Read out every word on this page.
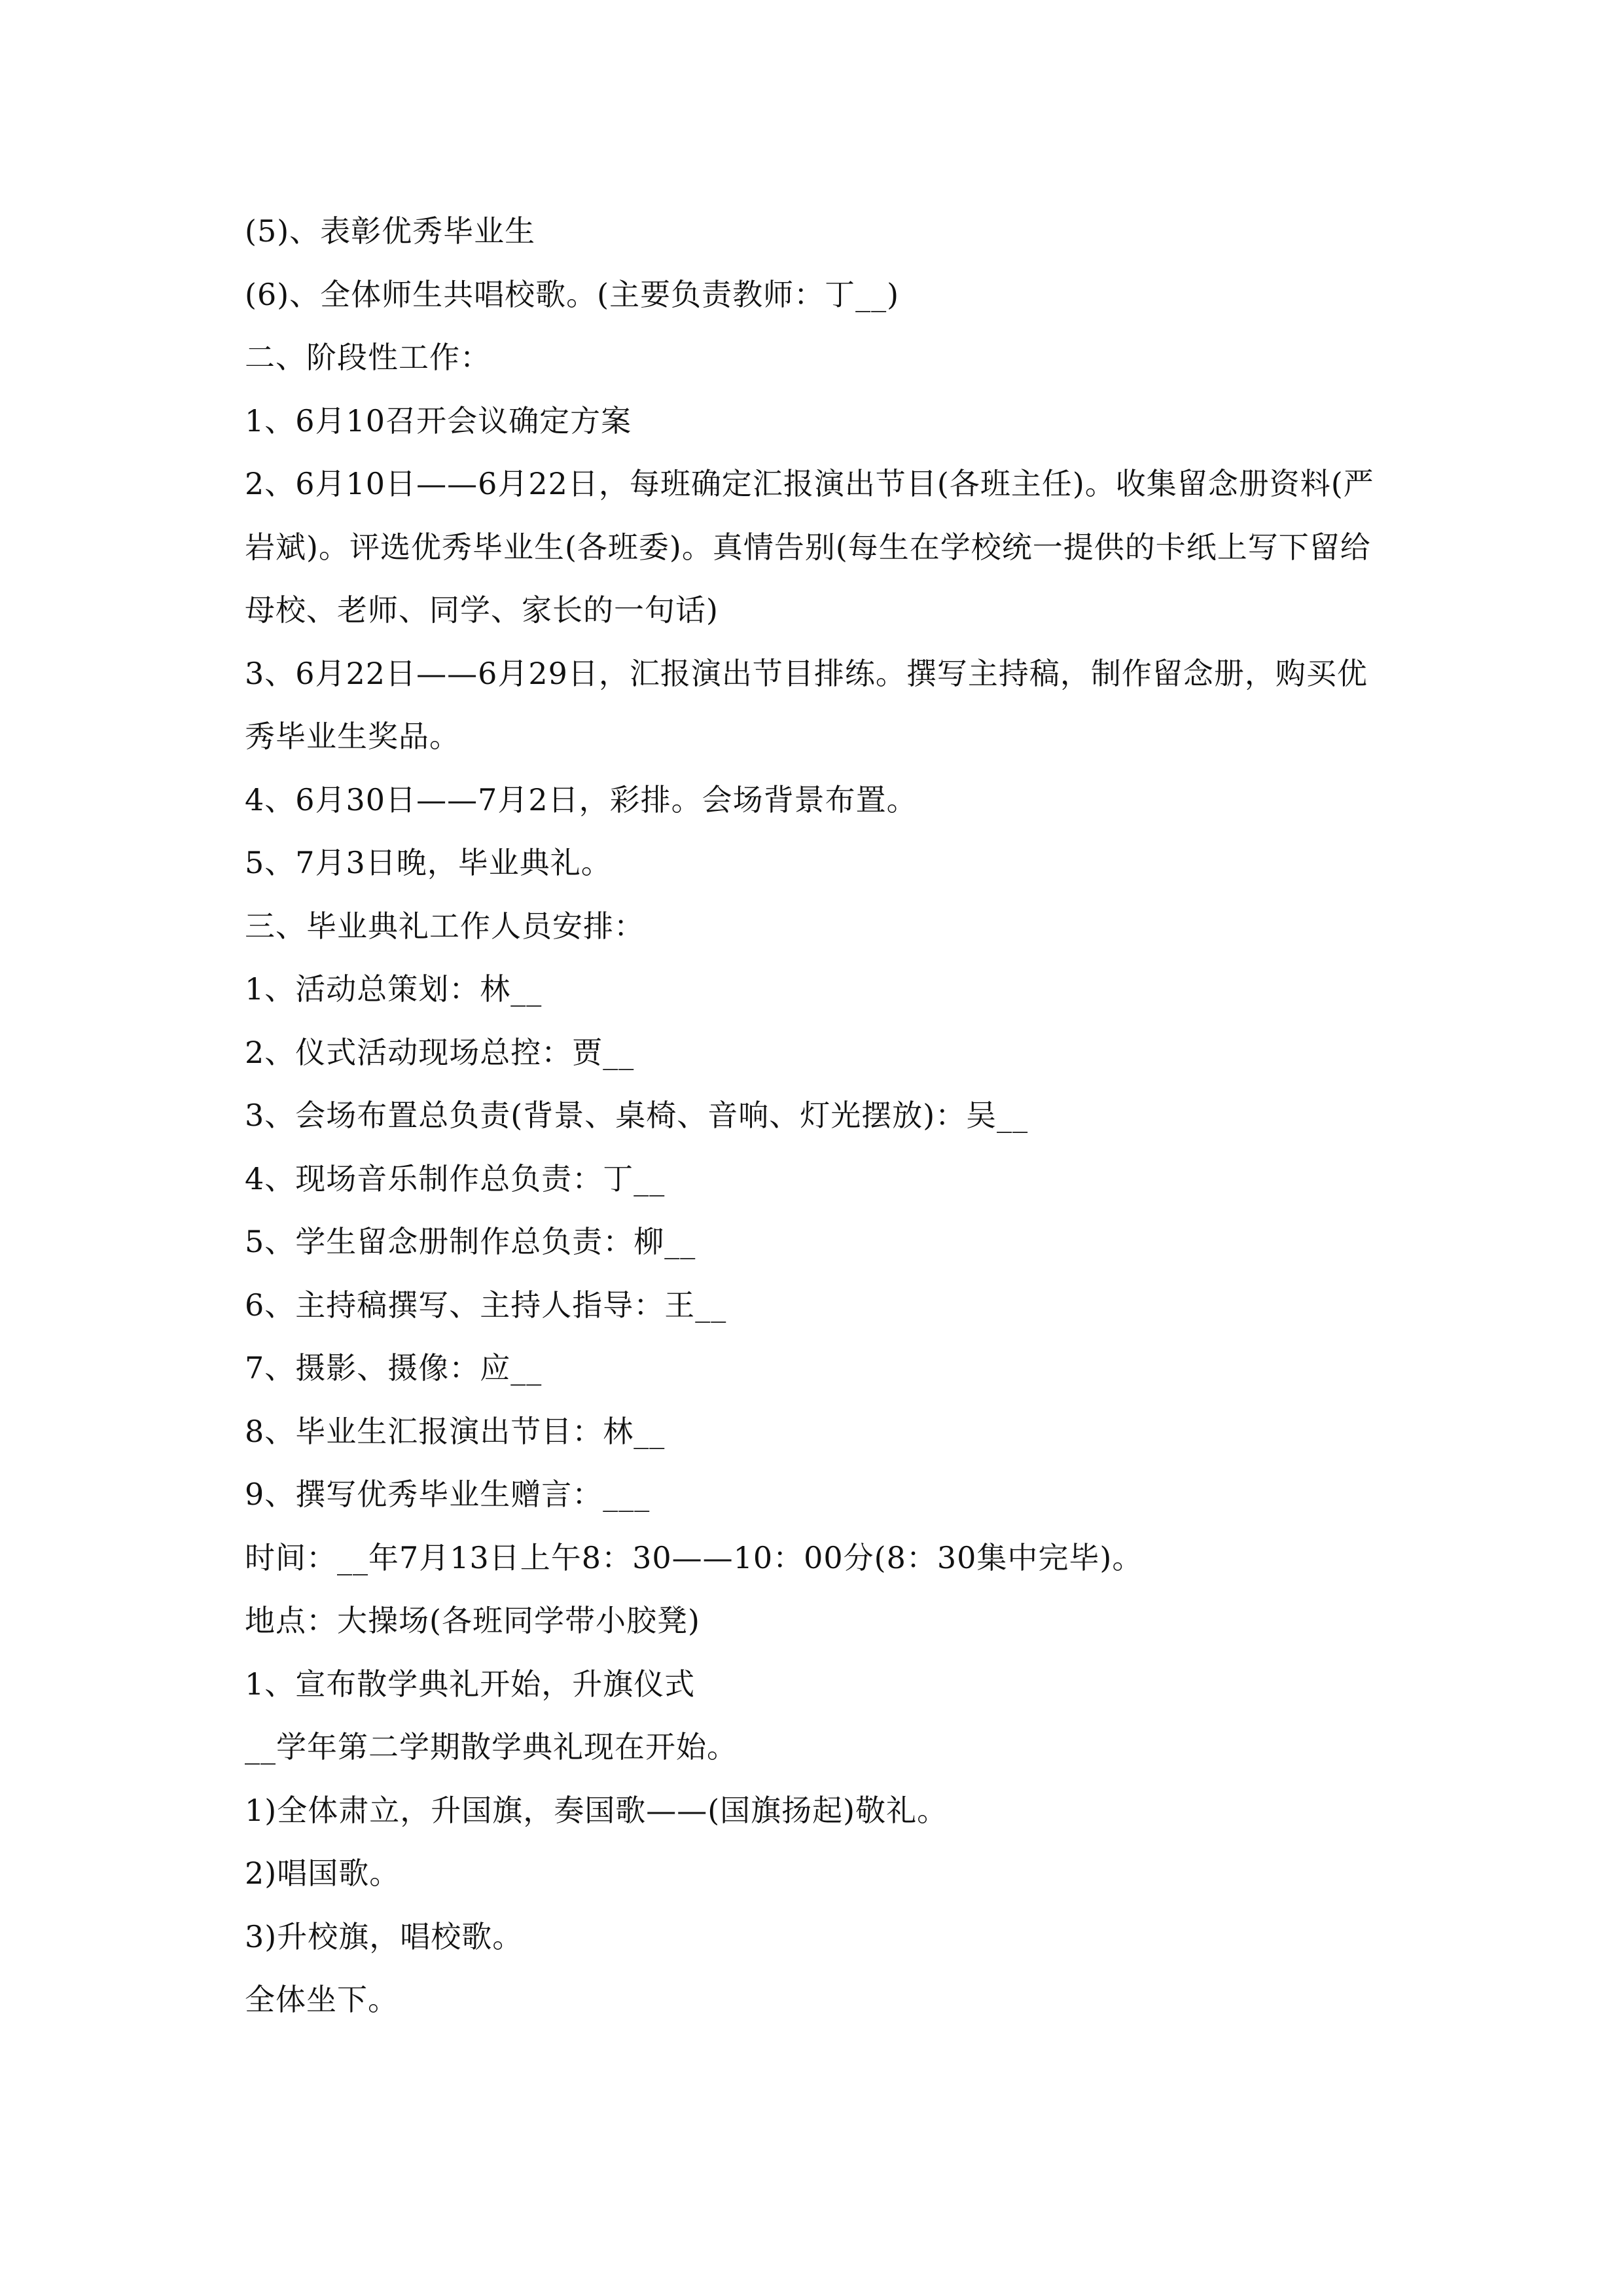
(5)、表彰优秀毕业生

(6)、全体师生共唱校歌。(主要负责教师：丁__)

二、阶段性工作：

1、6月10召开会议确定方案

2、6月10日——6月22日，每班确定汇报演出节目(各班主任)。收集留念册资料(严岩斌)。评选优秀毕业生(各班委)。真情告别(每生在学校统一提供的卡纸上写下留给母校、老师、同学、家长的一句话)

3、6月22日——6月29日，汇报演出节目排练。撰写主持稿，制作留念册，购买优秀毕业生奖品。

4、6月30日——7月2日，彩排。会场背景布置。

5、7月3日晚，毕业典礼。

三、毕业典礼工作人员安排：

1、活动总策划：林__

2、仪式活动现场总控：贾__

3、会场布置总负责(背景、桌椅、音响、灯光摆放)：吴__

4、现场音乐制作总负责：丁__

5、学生留念册制作总负责：柳__

6、主持稿撰写、主持人指导：王__

7、摄影、摄像：应__

8、毕业生汇报演出节目：林__

9、撰写优秀毕业生赠言：___

时间：__年7月13日上午8：30——10：00分(8：30集中完毕)。

地点：大操场(各班同学带小胶凳)

1、宣布散学典礼开始，升旗仪式

__学年第二学期散学典礼现在开始。

1)全体肃立，升国旗，奏国歌——(国旗扬起)敬礼。

2)唱国歌。

3)升校旗，唱校歌。

全体坐下。
